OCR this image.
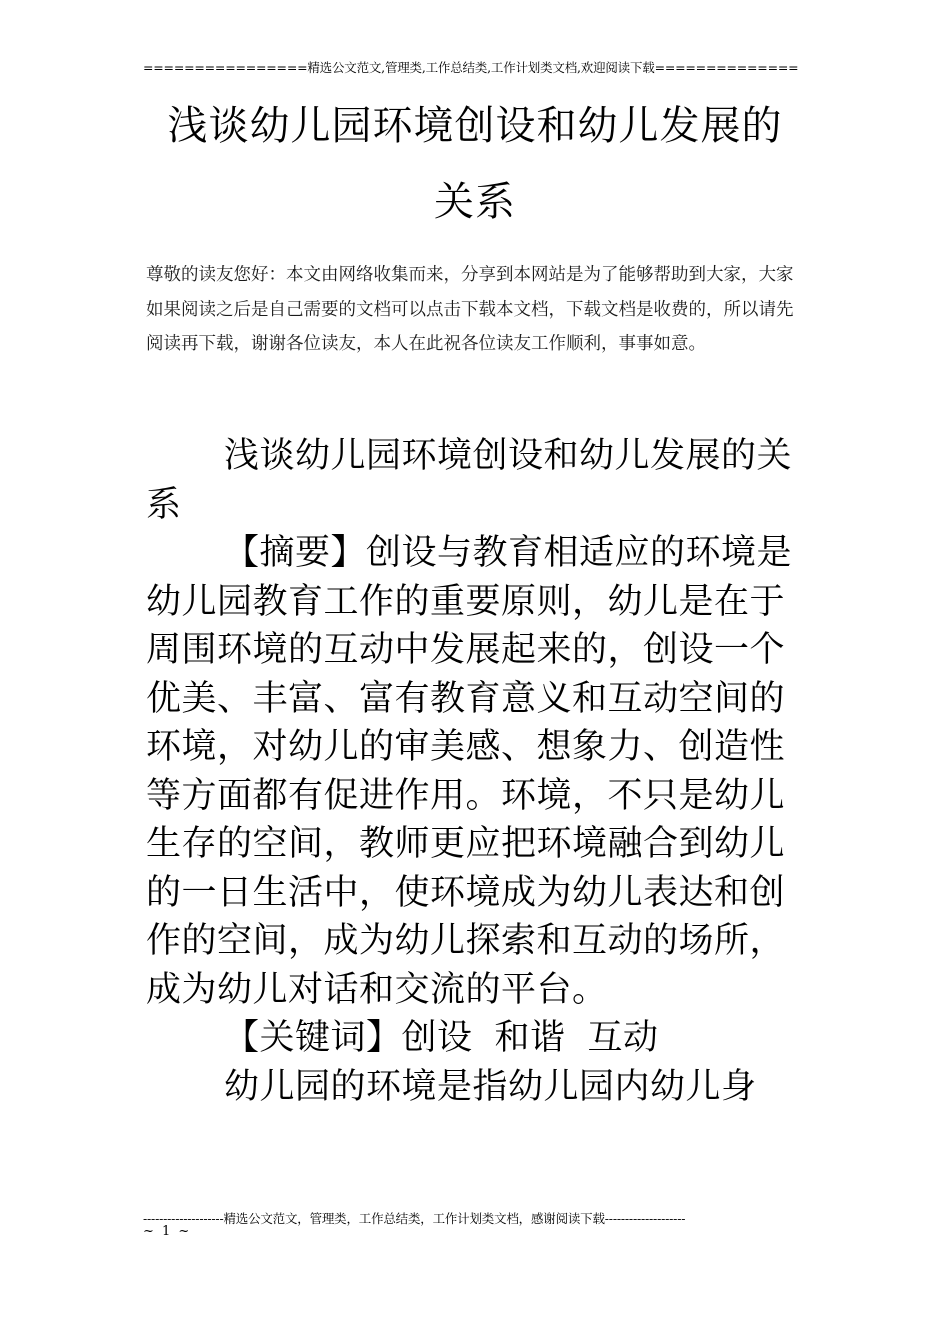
================精选公文范文,管理类,工作总结类,工作计划类文档,欢迎阅读下载==============
浅谈幼儿园环境创设和幼儿发展的
关系
尊敬的读友您好：本文由网络收集而来，分享到本网站是为了能够帮助到大家，大家如果阅读之后是自己需要的文档可以点击下载本文档，下载文档是收费的，所以请先阅读再下载，谢谢各位读友，本人在此祝各位读友工作顺利，事事如意。

浅谈幼儿园环境创设和幼儿发展的关系

【摘要】创设与教育相适应的环境是幼儿园教育工作的重要原则，幼儿是在于周围环境的互动中发展起来的，创设一个优美、丰富、富有教育意义和互动空间的环境，对幼儿的审美感、想象力、创造性等方面都有促进作用。环境，不只是幼儿生存的空间，教师更应把环境融合到幼儿的一日生活中，使环境成为幼儿表达和创作的空间，成为幼儿探索和互动的场所，成为幼儿对话和交流的平台。

【关键词】创设 和谐 互动

幼儿园的环境是指幼儿园内幼儿身

--------------------精选公文范文，管理类，工作总结类，工作计划类文档，感谢阅读下载--------------------
~ 1 ~
